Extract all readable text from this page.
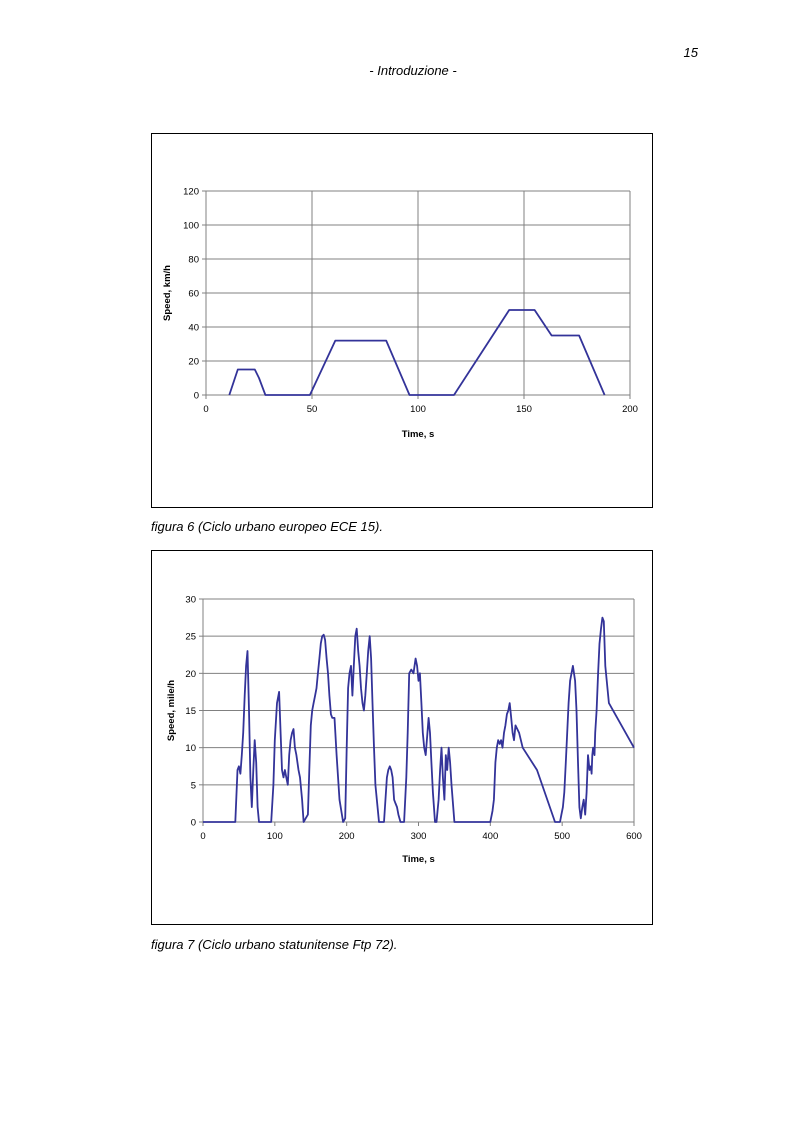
15
- Introduzione -
0
20
40
60
80
100
120
0	50	100	150	200
Time, s
Speed, km/h
figura 6 (Ciclo urbano europeo ECE 15).
0
5
10
15
20
25
30
0	100	200	300	400	500	600
Time, s
Speed, mile/h
figura 7 (Ciclo urbano statunitense Ftp 72).
